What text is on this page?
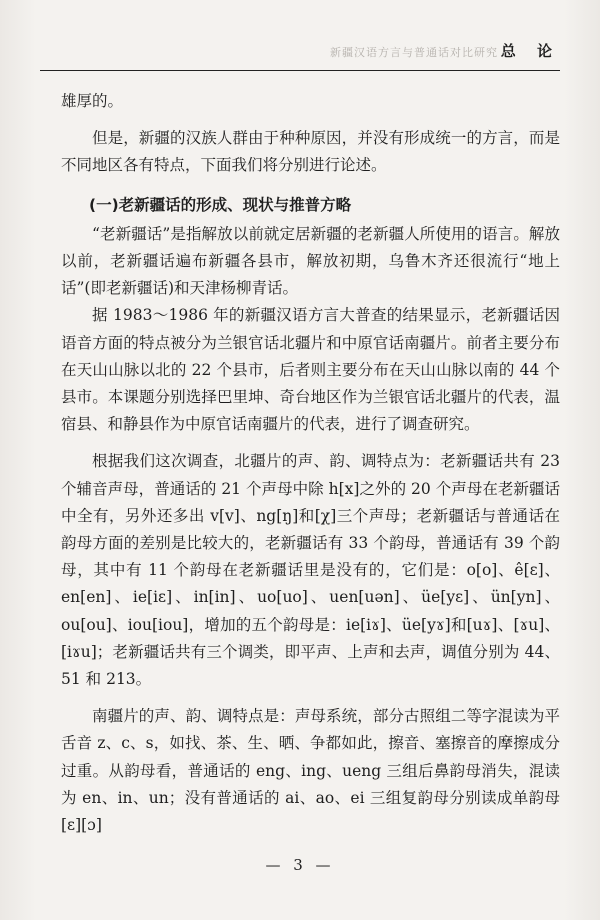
新疆汉语方言与普通话对比研究 总 论

雄厚的。

但是，新疆的汉族人群由于种种原因，并没有形成统一的方言，而是不同地区各有特点，下面我们将分别进行论述。

(一)老新疆话的形成、现状与推普方略

“老新疆话”是指解放以前就定居新疆的老新疆人所使用的语言。解放以前，老新疆话遍布新疆各县市，解放初期，乌鲁木齐还很流行“地上话”(即老新疆话)和天津杨柳青话。

据 1983～1986 年的新疆汉语方言大普查的结果显示，老新疆话因语音方面的特点被分为兰银官话北疆片和中原官话南疆片。前者主要分布在天山山脉以北的 22 个县市，后者则主要分布在天山山脉以南的 44 个县市。本课题分别选择巴里坤、奇台地区作为兰银官话北疆片的代表，温宿县、和静县作为中原官话南疆片的代表，进行了调查研究。

根据我们这次调查，北疆片的声、韵、调特点为：老新疆话共有 23 个辅音声母，普通话的 21 个声母中除 h[x]之外的 20 个声母在老新疆话中全有，另外还多出 v[v]、ng[ŋ]和[χ]三个声母；老新疆话与普通话在韵母方面的差别是比较大的，老新疆话有 33 个韵母，普通话有 39 个韵母，其中有 11 个韵母在老新疆话里是没有的，它们是：o[o]、ê[ɛ]、en[en]、ie[iɛ]、in[in]、uo[uo]、uen[uən]、üe[yɛ]、ün[yn]、ou[ou]、iou[iou]，增加的五个韵母是：ie[iɤ]、üe[yɤ]和[uɤ]、[ɤu]、[iɤu]；老新疆话共有三个调类，即平声、上声和去声，调值分别为 44、51 和 213。

南疆片的声、韵、调特点是：声母系统，部分古照组二等字混读为平舌音 z、c、s，如找、茶、生、晒、争都如此，擦音、塞擦音的摩擦成分过重。从韵母看，普通话的 eng、ing、ueng 三组后鼻韵母消失，混读为 en、in、un；没有普通话的 ai、ao、ei 三组复韵母分别读成单韵母[ɛ][ɔ]

— 3 —
